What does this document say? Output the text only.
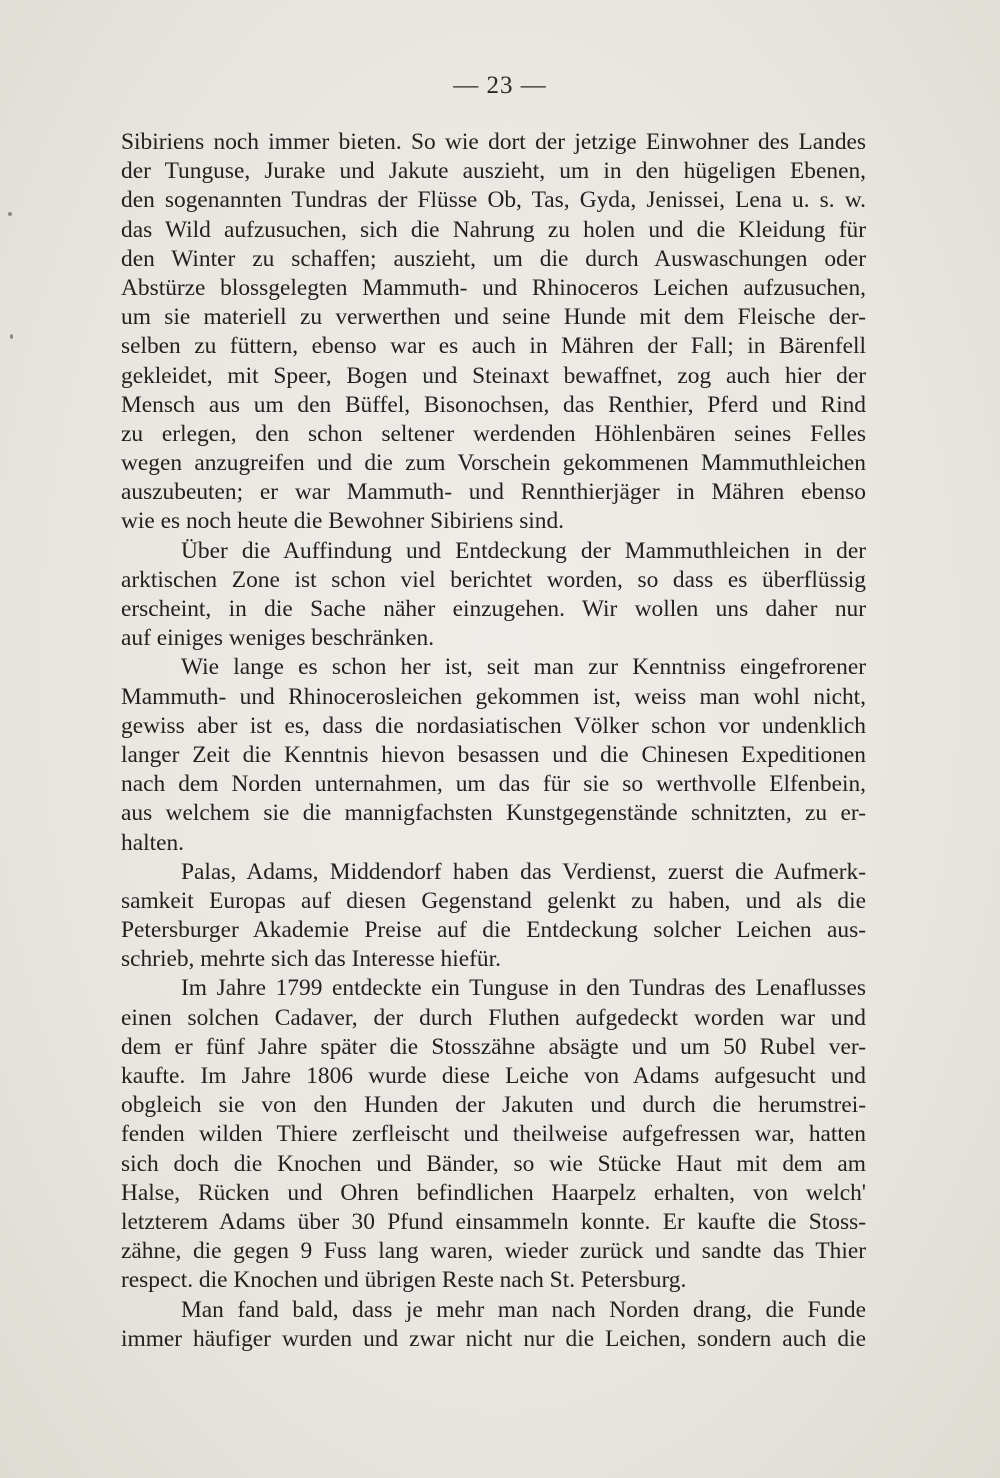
— 23 —
Sibiriens noch immer bieten. So wie dort der jetzige Einwohner des Landes
der Tunguse, Jurake und Jakute auszieht, um in den hügeligen Ebenen,
den sogenannten Tundras der Flüsse Ob, Tas, Gyda, Jenissei, Lena u. s. w.
das Wild aufzusuchen, sich die Nahrung zu holen und die Kleidung für
den Winter zu schaffen; auszieht, um die durch Auswaschungen oder
Abstürze blossgelegten Mammuth- und Rhinoceros Leichen aufzusuchen,
um sie materiell zu verwerthen und seine Hunde mit dem Fleische der-
selben zu füttern, ebenso war es auch in Mähren der Fall; in Bärenfell
gekleidet, mit Speer, Bogen und Steinaxt bewaffnet, zog auch hier der
Mensch aus um den Büffel, Bisonochsen, das Renthier, Pferd und Rind
zu erlegen, den schon seltener werdenden Höhlenbären seines Felles
wegen anzugreifen und die zum Vorschein gekommenen Mammuthleichen
auszubeuten; er war Mammuth- und Rennthierjäger in Mähren ebenso
wie es noch heute die Bewohner Sibiriens sind.
Über die Auffindung und Entdeckung der Mammuthleichen in der
arktischen Zone ist schon viel berichtet worden, so dass es überflüssig
erscheint, in die Sache näher einzugehen. Wir wollen uns daher nur
auf einiges weniges beschränken.
Wie lange es schon her ist, seit man zur Kenntniss eingefrorener
Mammuth- und Rhinocerosleichen gekommen ist, weiss man wohl nicht,
gewiss aber ist es, dass die nordasiatischen Völker schon vor undenklich
langer Zeit die Kenntnis hievon besassen und die Chinesen Expeditionen
nach dem Norden unternahmen, um das für sie so werthvolle Elfenbein,
aus welchem sie die mannigfachsten Kunstgegenstände schnitzten, zu er-
halten.
Palas, Adams, Middendorf haben das Verdienst, zuerst die Aufmerk-
samkeit Europas auf diesen Gegenstand gelenkt zu haben, und als die
Petersburger Akademie Preise auf die Entdeckung solcher Leichen aus-
schrieb, mehrte sich das Interesse hiefür.
Im Jahre 1799 entdeckte ein Tunguse in den Tundras des Lenaflusses
einen solchen Cadaver, der durch Fluthen aufgedeckt worden war und
dem er fünf Jahre später die Stosszähne absägte und um 50 Rubel ver-
kaufte. Im Jahre 1806 wurde diese Leiche von Adams aufgesucht und
obgleich sie von den Hunden der Jakuten und durch die herumstrei-
fenden wilden Thiere zerfleischt und theilweise aufgefressen war, hatten
sich doch die Knochen und Bänder, so wie Stücke Haut mit dem am
Halse, Rücken und Ohren befindlichen Haarpelz erhalten, von welch'
letzterem Adams über 30 Pfund einsammeln konnte. Er kaufte die Stoss-
zähne, die gegen 9 Fuss lang waren, wieder zurück und sandte das Thier
respect. die Knochen und übrigen Reste nach St. Petersburg.
Man fand bald, dass je mehr man nach Norden drang, die Funde
immer häufiger wurden und zwar nicht nur die Leichen, sondern auch die
